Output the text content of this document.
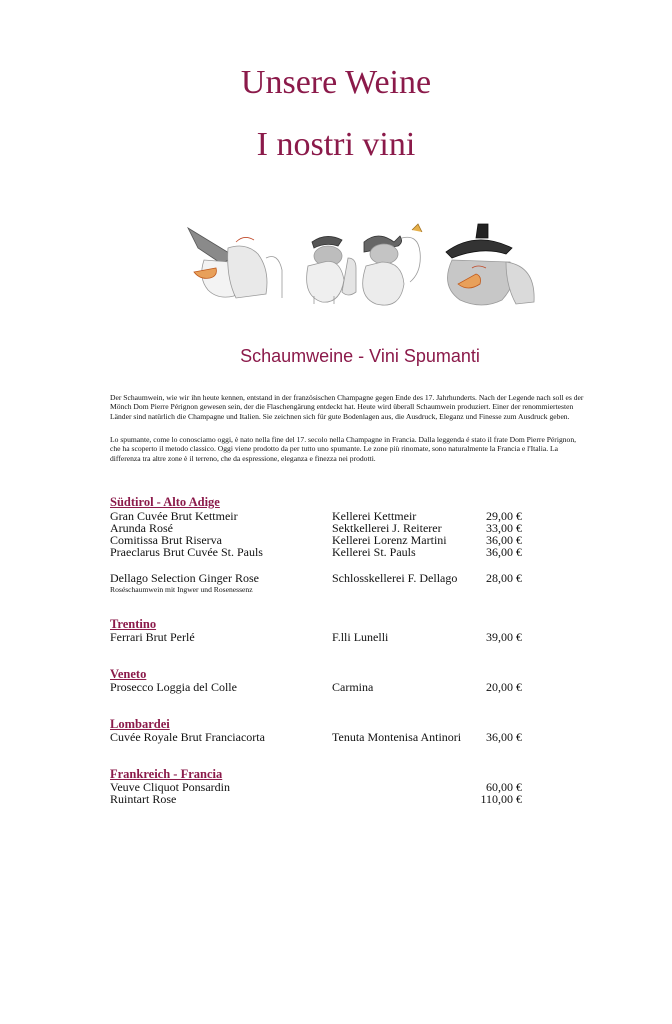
Unsere Weine
I nostri vini
Schaumweine - Vini Spumanti

Der Schaumwein, wie wir ihn heute kennen, entstand in der französischen Champagne gegen Ende des 17. Jahrhunderts. Nach der Legende nach soll es der Mönch Dom Pierre Pérignon gewesen sein, der die Flaschengärung entdeckt hat. Heute wird überall Schaumwein produziert. Einer der renommiertesten Länder sind natürlich die Champagne und Italien. Sie zeichnen sich für gute Bodenlagen aus, die Ausdruck, Eleganz und Finesse zum Ausdruck geben.

Lo spumante, come lo conosciamo oggi, è nato nella fine del 17. secolo nella Champagne in Francia. Dalla leggenda é stato il frate Dom Pierre Pérignon, che ha scoperto il metodo classico. Oggi viene prodotto da per tutto uno spumante. Le zone più rinomate, sono naturalmente la Francia e l'Italia. La differenza tra altre zone è il terreno, che da espressione, eleganza e finezza nei prodotti.

Südtirol - Alto Adige
Gran Cuvée Brut Kettmeir	Kellerei Kettmeir	29,00 €
Arunda Rosé	Sektkellerei J. Reiterer	33,00 €
Comitissa Brut Riserva	Kellerei Lorenz Martini	36,00 €
Praeclarus Brut Cuvée St. Pauls	Kellerei St. Pauls	36,00 €
Dellago Selection Ginger Rose	Schlosskellerei F. Dellago 28,00 €
Roséschaumwein mit Ingwer und Rosenessenz
Trentino
Ferrari Brut Perlé	F.lli Lunelli	39,00 €
Veneto
Prosecco Loggia del Colle	Carmina	20,00 €
Lombardei
Cuvée Royale Brut Franciacorta	Tenuta Montenisa Antinori 36,00 €
Frankreich - Francia
Veuve Cliquot Ponsardin	60,00 €
Ruintart Rose	110,00 €
